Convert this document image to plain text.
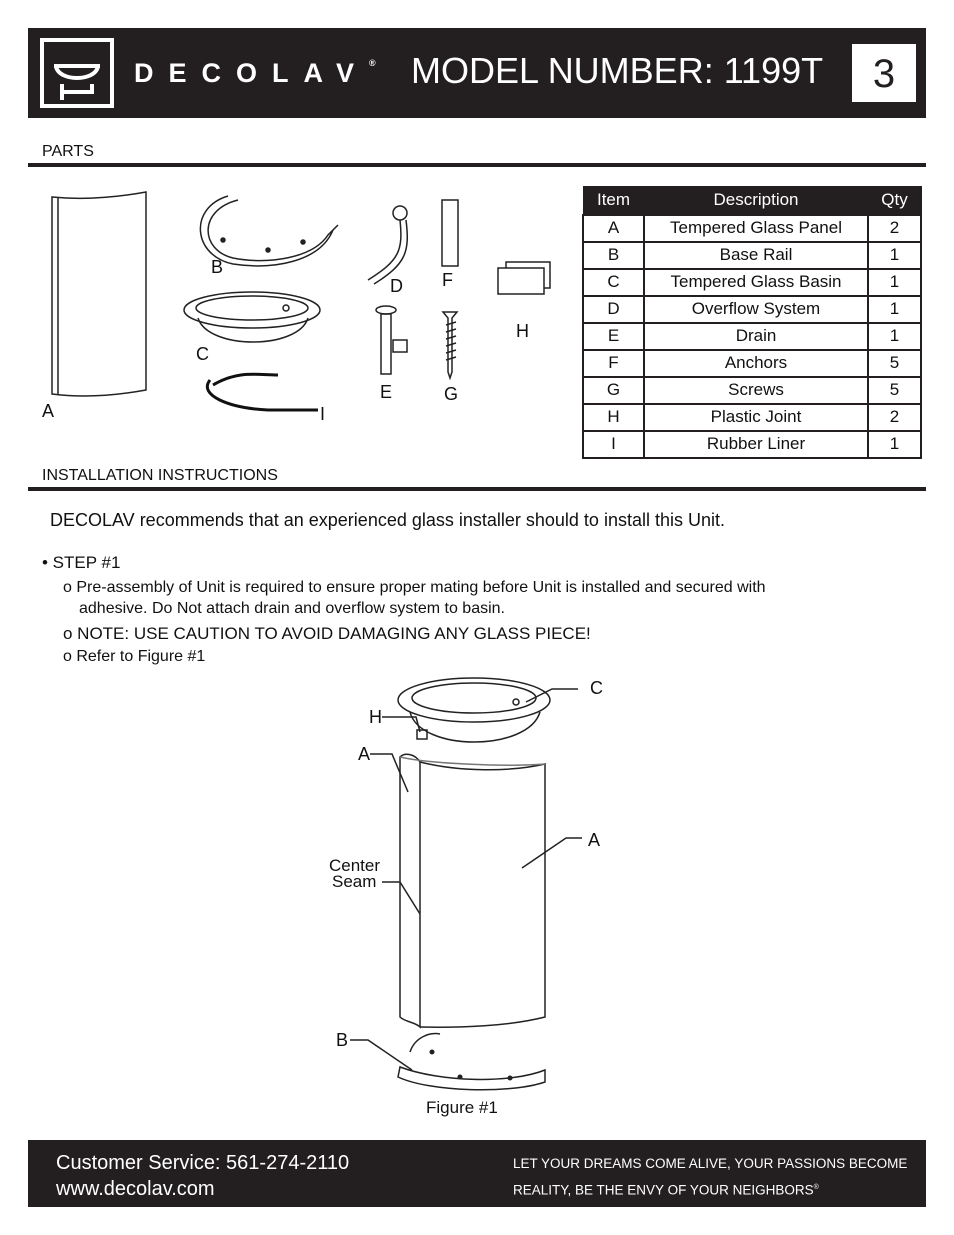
DECOLAV® MODEL NUMBER: 1199T	3
PARTS
B
C
A	I
D F
H
E	G
Item	Description	Qty
A	Tempered Glass Panel	2
B	Base Rail	1
C	Tempered Glass Basin	1
D	Overflow System	1
E	Drain	1
F	Anchors	5
G	Screws	5
H	Plastic Joint	2
I	Rubber Liner	1
INSTALLATION INSTRUCTIONS
DECOLAV recommends that an experienced glass installer should to install this Unit.
• STEP #1
o Pre-assembly of Unit is required to ensure proper mating before Unit is installed and secured with
adhesive. Do Not attach drain and overflow system to basin.
o NOTE: USE CAUTION TO AVOID DAMAGING ANY GLASS PIECE!
o Refer to Figure #1
C
H
A
A
Center
Seam
B
Figure #1
Customer Service: 561-274-2110
www.decolav.com
LET YOUR DREAMS COME ALIVE, YOUR PASSIONS BECOME
REALITY, BE THE ENVY OF YOUR NEIGHBORS®
